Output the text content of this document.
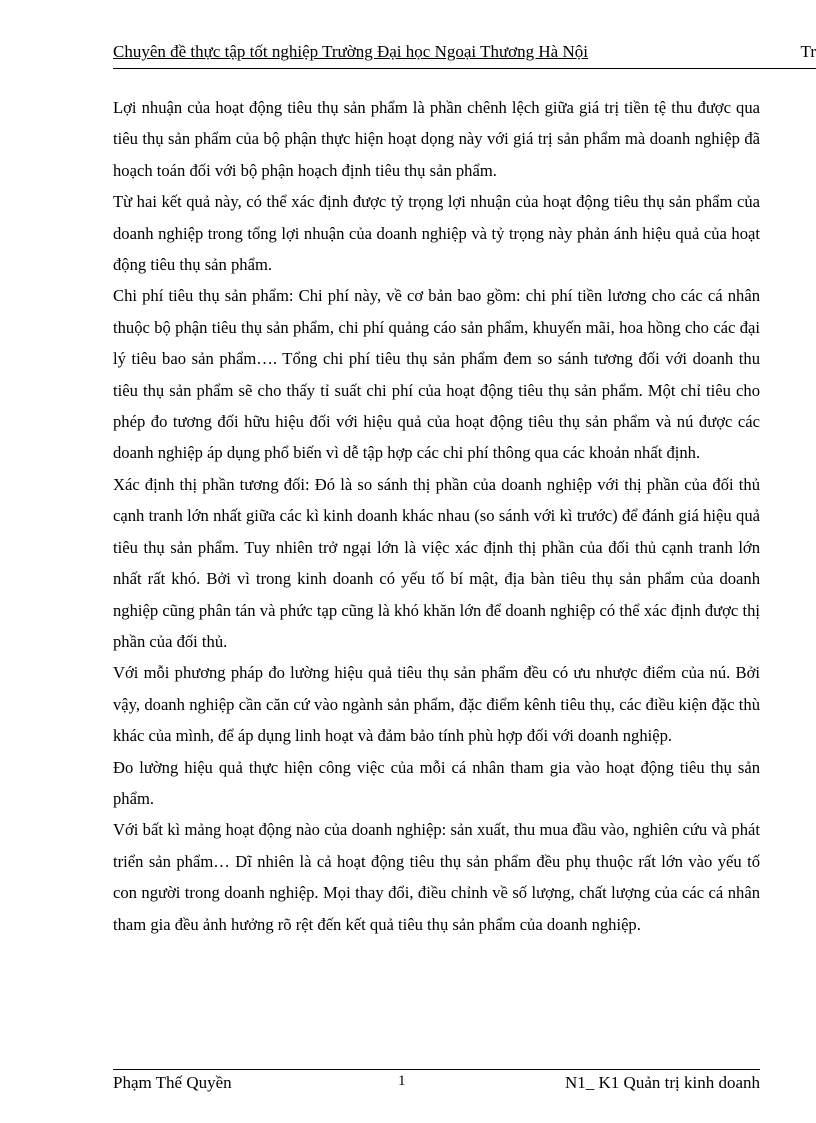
Chuyên đề thực tập tốt nghiệp Trường Đại học Ngoại Thương Hà Nội	Tr

Lợi nhuận của hoạt động tiêu thụ sản phẩm là phần chênh lệch giữa giá trị tiền tệ thu được qua tiêu thụ sản phẩm của bộ phận thực hiện hoạt dọng này với giá trị sản phẩm mà doanh nghiệp đã hoạch toán đối với bộ phận hoạch định tiêu thụ sản phẩm.

Từ hai kết quả này, có thể xác định được tỷ trọng lợi nhuận của hoạt động tiêu thụ sản phẩm của doanh nghiệp trong tổng lợi nhuận của doanh nghiệp và tỷ trọng này phản ánh hiệu quả của hoạt động tiêu thụ sản phẩm.

Chi phí tiêu thụ sản phẩm: Chi phí này, về cơ bản bao gồm: chi phí tiền lương cho các cá nhân thuộc bộ phận tiêu thụ sản phẩm, chi phí quảng cáo sản phẩm, khuyến mãi, hoa hồng cho các đại lý tiêu bao sản phẩm…. Tổng chi phí tiêu thụ sản phẩm đem so sánh tương đối với doanh thu tiêu thụ sản phẩm sẽ cho thấy tỉ suất chi phí của hoạt động tiêu thụ sản phẩm. Một chỉ tiêu cho phép đo tương đối hữu hiệu đối với hiệu quả của hoạt động tiêu thụ sản phẩm và nú được các doanh nghiệp áp dụng phổ biến vì dễ tập hợp các chi phí thông qua các khoản nhất định.

Xác định thị phần tương đối: Đó là so sánh thị phần của doanh nghiệp với thị phần của đối thủ cạnh tranh lớn nhất giữa các kì kinh doanh khác nhau (so sánh với kì trước) để đánh giá hiệu quả tiêu thụ sản phẩm. Tuy nhiên trở ngại lớn là việc xác định thị phần của đối thủ cạnh tranh lớn nhất rất khó. Bởi vì trong kinh doanh có yếu tố bí mật, địa bàn tiêu thụ sản phẩm của doanh nghiệp cũng phân tán và phức tạp cũng là khó khăn lớn để doanh nghiệp có thể xác định được thị phần của đối thủ.

Với mỗi phương pháp đo lường hiệu quả tiêu thụ sản phẩm đều có ưu nhược điểm của nú. Bởi vậy, doanh nghiệp cần căn cứ vào ngành sản phẩm, đặc điểm kênh tiêu thụ, các điều kiện đặc thù khác của mình, để áp dụng linh hoạt và đảm bảo tính phù hợp đối với doanh nghiệp.

Đo lường hiệu quả thực hiện công việc của mỗi cá nhân tham gia vào hoạt động tiêu thụ sản phẩm.

Với bất kì mảng hoạt động nào của doanh nghiệp: sản xuất, thu mua đầu vào, nghiên cứu và phát triển sản phẩm… Dĩ nhiên là cả hoạt động tiêu thụ sản phẩm đều phụ thuộc rất lớn vào yếu tố con người trong doanh nghiệp. Mọi thay đổi, điều chỉnh về số lượng, chất lượng của các cá nhân tham gia đều ảnh hưởng rõ rệt đến kết quả tiêu thụ sản phẩm của doanh nghiệp.

Phạm Thế Quyền	1	N1_ K1 Quản trị kinh doanh
